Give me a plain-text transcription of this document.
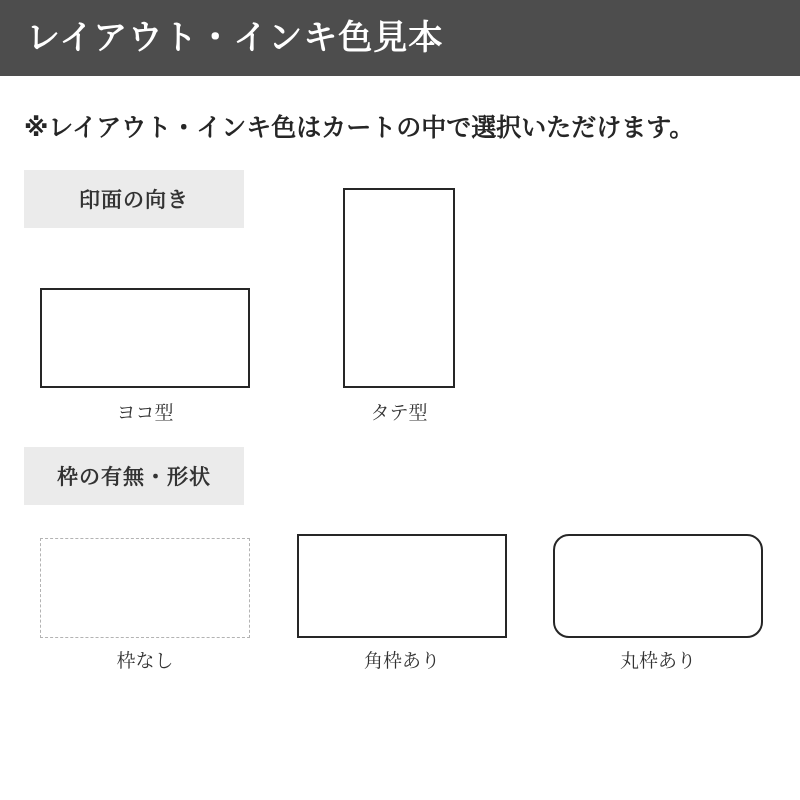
レイアウト・インキ色見本
※レイアウト・インキ色はカートの中で選択いただけます。
印面の向き
ヨコ型	タテ型
枠の有無・形状
枠なし	角枠あり	丸枠あり
